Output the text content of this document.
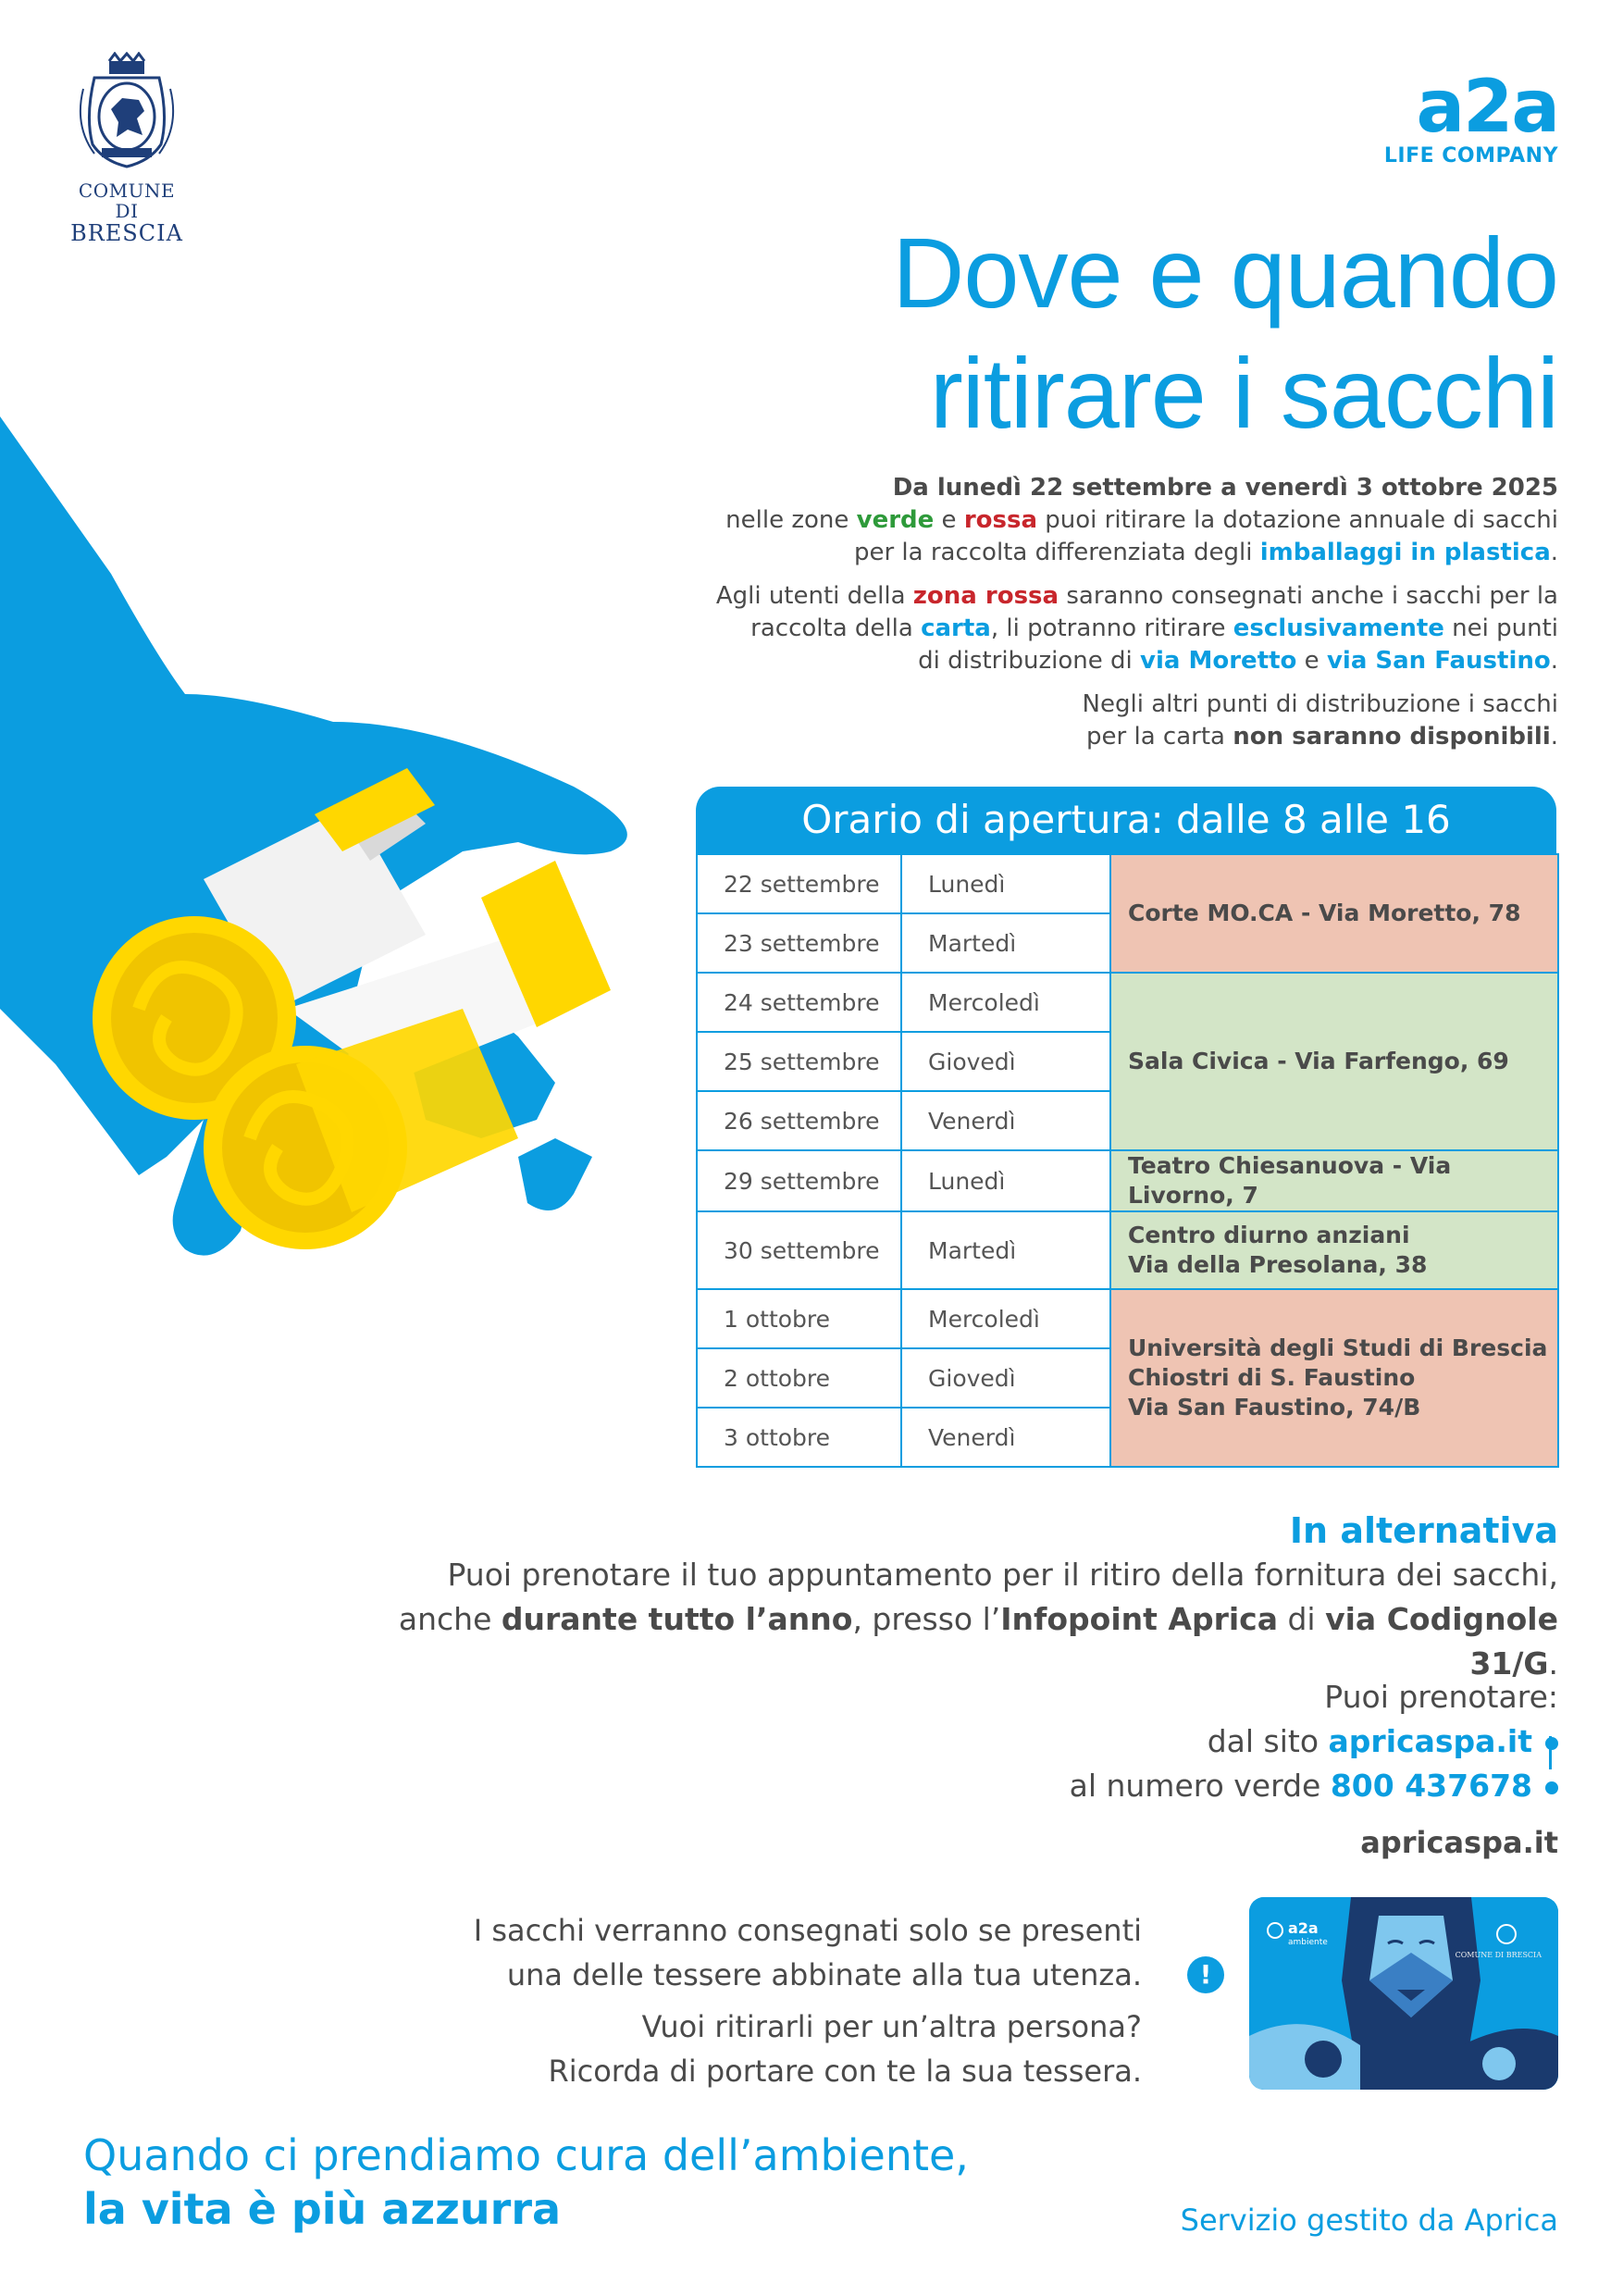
COMUNE DI
BRESCIA
a2a
LIFE COMPANY
Dove e quando
ritirare i sacchi

Da lunedì 22 settembre a venerdì 3 ottobre 2025
nelle zone verde e rossa puoi ritirare la dotazione annuale di sacchi
per la raccolta differenziata degli imballaggi in plastica.

Agli utenti della zona rossa saranno consegnati anche i sacchi per la
raccolta della carta, li potranno ritirare esclusivamente nei punti
di distribuzione di via Moretto e via San Faustino.

Negli altri punti di distribuzione i sacchi
per la carta non saranno disponibili.

Orario di apertura: dalle 8 alle 16
22 settembre	Lunedì	Corte MO.CA - Via Moretto, 78
23 settembre	Martedì	
24 settembre	Mercoledì	Sala Civica - Via Farfengo, 69
25 settembre	Giovedì	
26 settembre	Venerdì	
29 settembre	Lunedì	Teatro Chiesanuova - Via Livorno, 7
30 settembre	Martedì	Centro diurno anziani
Via della Presolana, 38
1 ottobre	Mercoledì	Università degli Studi di Brescia
Chiostri di S. Faustino
Via San Faustino, 74/B
2 ottobre	Giovedì	
3 ottobre	Venerdì	
In alternativa
Puoi prenotare il tuo appuntamento per il ritiro della fornitura dei sacchi,
anche durante tutto l’anno, presso l’Infopoint Aprica di via Codignole 31/G.
Puoi prenotare:
dal sito apricaspa.it
al numero verde 800 437678
apricaspa.it

I sacchi verranno consegnati solo se presenti
una delle tessere abbinate alla tua utenza.

Vuoi ritirarli per un’altra persona?
Ricorda di portare con te la sua tessera.

!
a2a
ambiente
COMUNE DI BRESCIA
Quando ci prendiamo cura dell’ambiente,
la vita è più azzurra	Servizio gestito da Aprica
